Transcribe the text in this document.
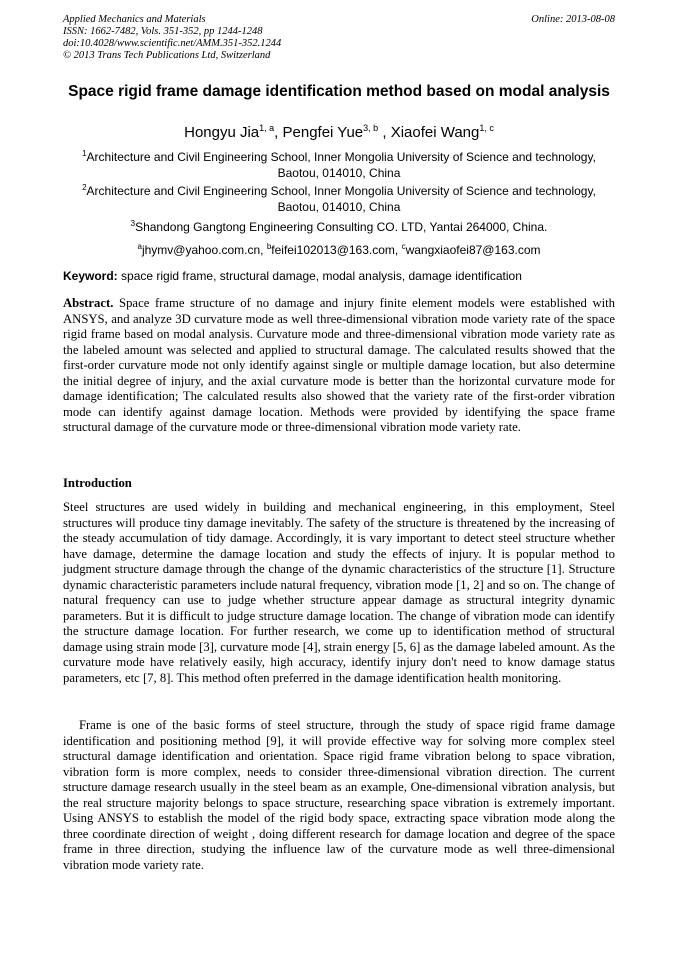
Applied Mechanics and Materials
ISSN: 1662-7482, Vols. 351-352, pp 1244-1248
doi:10.4028/www.scientific.net/AMM.351-352.1244
© 2013 Trans Tech Publications Ltd, Switzerland
Online: 2013-08-08
Space rigid frame damage identification method based on modal analysis
Hongyu Jia$^{1, a}$, Pengfei Yue$^{3, b}$ , Xiaofei Wang$^{1, c}$
$^1$Architecture and Civil Engineering School, Inner Mongolia University of Science and technology, Baotou, 014010, China
$^2$Architecture and Civil Engineering School, Inner Mongolia University of Science and technology, Baotou, 014010, China
$^3$Shandong Gangtong Engineering Consulting CO. LTD, Yantai 264000, China.
$^a$jhymv@yahoo.com.cn, $^b$feifei102013@163.com, $^c$wangxiaofei87@163.com
Keyword: space rigid frame, structural damage, modal analysis, damage identification
Abstract. Space frame structure of no damage and injury finite element models were established with ANSYS, and analyze 3D curvature mode as well three-dimensional vibration mode variety rate of the space rigid frame based on modal analysis. Curvature mode and three-dimensional vibration mode variety rate as the labeled amount was selected and applied to structural damage. The calculated results showed that the first-order curvature mode not only identify against single or multiple damage location, but also determine the initial degree of injury, and the axial curvature mode is better than the horizontal curvature mode for damage identification; The calculated results also showed that the variety rate of the first-order vibration mode can identify against damage location. Methods were provided by identifying the space frame structural damage of the curvature mode or three-dimensional vibration mode variety rate.
Introduction
Steel structures are used widely in building and mechanical engineering, in this employment, Steel structures will produce tiny damage inevitably. The safety of the structure is threatened by the increasing of the steady accumulation of tidy damage. Accordingly, it is vary important to detect steel structure whether have damage, determine the damage location and study the effects of injury. It is popular method to judgment structure damage through the change of the dynamic characteristics of the structure [1]. Structure dynamic characteristic parameters include natural frequency, vibration mode [1, 2] and so on. The change of natural frequency can use to judge whether structure appear damage as structural integrity dynamic parameters. But it is difficult to judge structure damage location. The change of vibration mode can identify the structure damage location. For further research, we come up to identification method of structural damage using strain mode [3], curvature mode [4], strain energy [5, 6] as the damage labeled amount. As the curvature mode have relatively easily, high accuracy, identify injury don't need to know damage status parameters, etc [7, 8]. This method often preferred in the damage identification health monitoring.
Frame is one of the basic forms of steel structure, through the study of space rigid frame damage identification and positioning method [9], it will provide effective way for solving more complex steel structural damage identification and orientation. Space rigid frame vibration belong to space vibration, vibration form is more complex, needs to consider three-dimensional vibration direction. The current structure damage research usually in the steel beam as an example, One-dimensional vibration analysis, but the real structure majority belongs to space structure, researching space vibration is extremely important. Using ANSYS to establish the model of the rigid body space, extracting space vibration mode along the three coordinate direction of weight , doing different research for damage location and degree of the space frame in three direction, studying the influence law of the curvature mode as well three-dimensional vibration mode variety rate.
